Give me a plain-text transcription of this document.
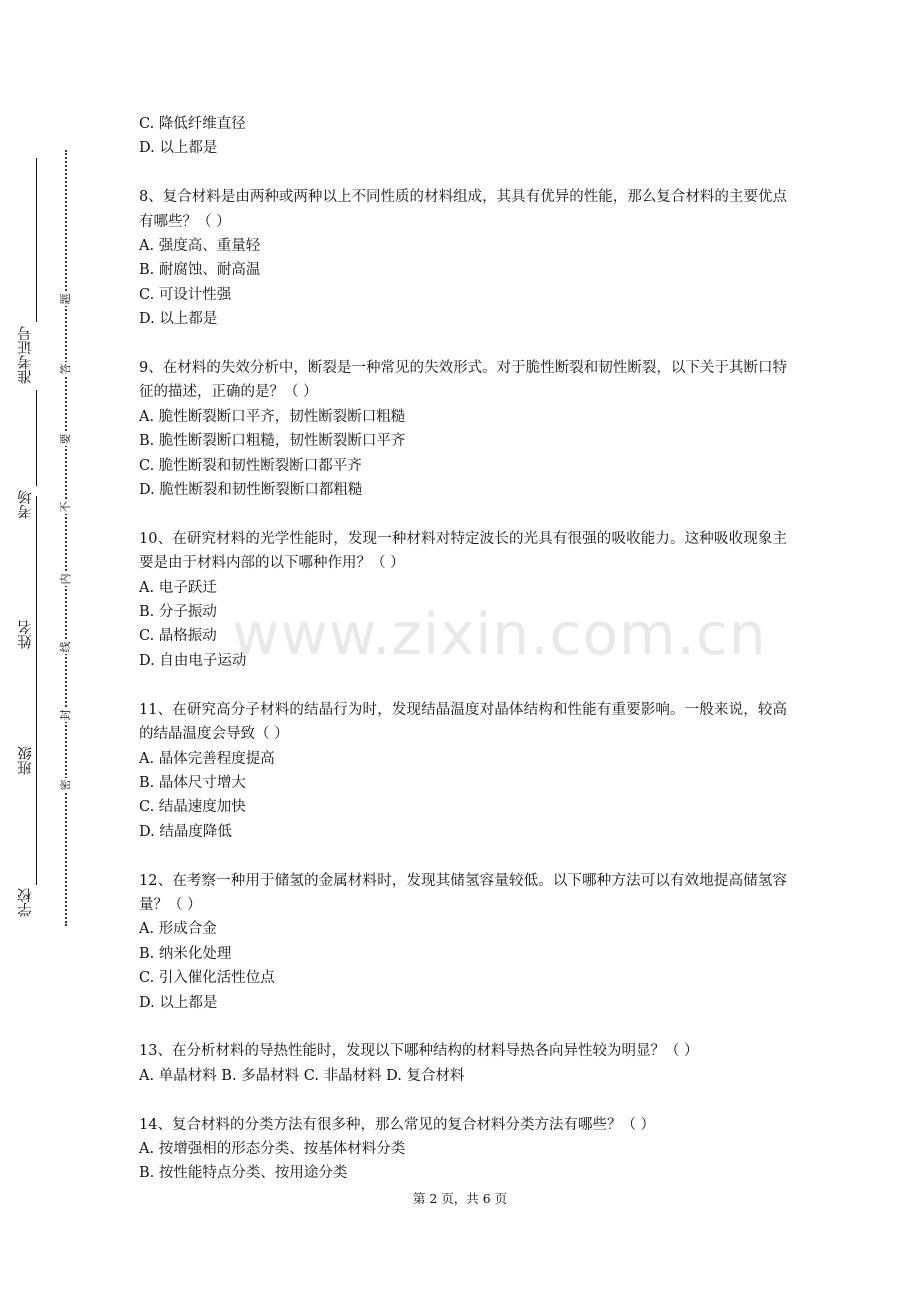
学校
班级
姓名
考场
准考证号
密
封
线
内
不
要
答
题
C. 降低纤维直径
D. 以上都是
8、复合材料是由两种或两种以上不同性质的材料组成，其具有优异的性能，那么复合材料的主要优点有哪些？（ ）
A. 强度高、重量轻
B. 耐腐蚀、耐高温
C. 可设计性强
D. 以上都是
9、在材料的失效分析中，断裂是一种常见的失效形式。对于脆性断裂和韧性断裂，以下关于其断口特征的描述，正确的是？（ ）
A. 脆性断裂断口平齐，韧性断裂断口粗糙
B. 脆性断裂断口粗糙，韧性断裂断口平齐
C. 脆性断裂和韧性断裂断口都平齐
D. 脆性断裂和韧性断裂断口都粗糙
10、在研究材料的光学性能时，发现一种材料对特定波长的光具有很强的吸收能力。这种吸收现象主要是由于材料内部的以下哪种作用？（ ）
A. 电子跃迁
B. 分子振动
C. 晶格振动
D. 自由电子运动
11、在研究高分子材料的结晶行为时，发现结晶温度对晶体结构和性能有重要影响。一般来说，较高的结晶温度会导致（ ）
A. 晶体完善程度提高
B. 晶体尺寸增大
C. 结晶速度加快
D. 结晶度降低
12、在考察一种用于储氢的金属材料时，发现其储氢容量较低。以下哪种方法可以有效地提高储氢容量？（ ）
A. 形成合金
B. 纳米化处理
C. 引入催化活性位点
D. 以上都是
13、在分析材料的导热性能时，发现以下哪种结构的材料导热各向异性较为明显？（ ）
A. 单晶材料 B. 多晶材料 C. 非晶材料 D. 复合材料
14、复合材料的分类方法有很多种，那么常见的复合材料分类方法有哪些？（ ）
A. 按增强相的形态分类、按基体材料分类
B. 按性能特点分类、按用途分类
www.zixin.com.cn
第 2 页，共 6 页
